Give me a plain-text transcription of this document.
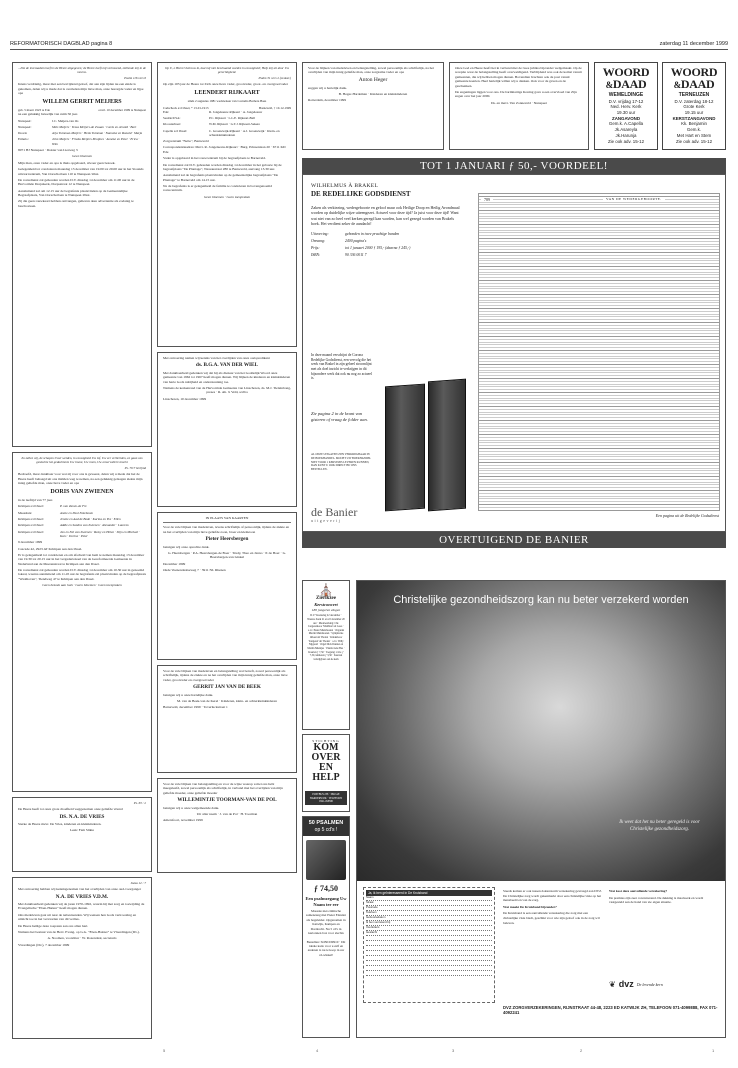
REFORMATORISCH DAGBLAD pagina 8	zaterdag 11 december 1999

...Die de levensadem heeft is de Heere uitgegeven; de Heere heeft mij verlossend, ziellende mij in de nevens.

Psalm 116 vers 6

Intens verdrietig, maar met een bevrijdend geloof, dat aan zijn lijden nu een einde is gekomen, delen wij u mede dat is overleden mijn lieve man, onze bezorgde vader en lijpe opa

WILLEM GERRIT MEIJERS
geb. 5 maart 1923 te Ede	overl. 10 december 1999 te Nunspeet

na een gelukkig huwelijk van ruim 50 jaar.

Nunspeet:	J.C. Meijers-van Os
Nunspeet:	Mels Meijers · Tessa Meijers-de Zwaan · Carla en Arnold · Bart
Doorn:	Arja Tuinman-Meijers · Henk Tuinman · Nanneke en Ronald · Marja
Ermelo:	John Meijers · Frieda Meijers-Bruijnes · Anneke en Peter · Erica · Wim

8071 HJ Nunspeet · Dokter van Lierweg 3

Geen bloemen

Mijn man, onze vader en opa is thuis opgebaard, alwaar geen bezoek.

Gelegenheid tot condoleren maandag 13 december van 19.00 tot 20.00 uur in het Stounds uitvaartcentrum, Van Oorschotlaan 110 te Nunspeet-West.

De rouwdienst zal gehouden worden D.V. dinsdag 14 december om 11.00 uur in de Hervormde Dorpskerk, Dorpsstraat 12 te Nunspeet.

Aansluitend zal om 12.15 uur de begrafenis plaatsvinden op de Gemeentelijke Begraafplaats, Van Oorschotlaan te Nunspeet-West.

Zij die geen rouwkaart hebben ontvangen, gelieven deze advertentie als zodanig te beschouwen.

Zo zullen wij, de schapen Uwer weiden, in eeuwigheid Uw lof, Uw eer verbreiden, en gaan ons geslachte het gedachtenis Uw troost, Uw roem, Uw onverwelk're kracht

Ps. 79:7 berijmd

Bedroefd, maar dankbaar voor wat zij voor ons is geweest, delen wij u mede dat het de Heere heeft behaagd uit ons midden weg te nemen, na een gelukkig gelaagen ziekte mijn innig geliefde man, onze lieve vader en opa

DORIS VAN ZWIENEN

in de leeftijd van 77 jaar.

Krimpen a/d IJssel:	P. van Zanen-de Fre
Maassluis:	Annie en Paul Noteboom
Krimpen a/d IJssel:	Jennie en Aad de Bode · Karina en Yve · Ellen
Krimpen a/d IJssel:	Addie en Sandra van Zwienen · Alexander · Laurens
Krimpen a/d IJssel:	Jan en Nel van Zwienen · Remy en Helen · Stijn en Michael · Kees · Dorine · Peter

9 december 1999

Cascade 42, 2923 AT Krimpen aan den IJssel.

Er is gelegenheid tot condoleren en om afscheid van hem te nemen maandag 13 december van 19.30 tot 20.15 uur in het vergadertokaal van de Gereformeerde Gemeente in Nederland aan de Meerenstraat te Krimpen aan den IJssel.

De rouwdienst zal gehouden worden D.V. dinsdag 14 december om 10.30 uur in genoemd lokaal, waarna aansluitend om 11.45 uur de begrafenis zal plaatsvinden op de begraafplaats "Waalhoven", Tiendweg 47 te Krimpen aan den IJssel.

Geen bezoek aan huis · Geen bloemen · Geen toespraken

Ps. 63 : 2

De Heere heeft tot onze grote droefheid weggenomen onze geliefde vriend

DS. N.A. DE VRIES

Sterke de Heere mevr. De Vries, kinderen en kleinkinderen.

Leek: Fam Slikte

Jozua 12 : 7

Met ontroering hebben wij kennisgenomen van het overlijden van onze oud-voorganger

N.A. DE VRIES V.D.M.

Met dankbaarheid gedenken wij de jaren 1970-1992, waarin hij met zorg en toewijding de Evangelische "Eben-Haëzer" heeft mogen dienen.

Ons medeleven gaat uit naar de nabestaanden. Wij wensen hen Gods vertroosting en uitzicht toe in het vervaarlen van dit verlies.

De Heere heilige deze roepaten aan ons allen hart.

Namens het bestuur van de Herv. Evang. op G.G. "Eben-Haëzer" te Vlaardingen (Dv.).

A. Noomen, voorzitter · W. Rozendaal, secretaris

Vlaardingen (Dv.), 7 december 1999

Op U, o Heere! betrouw ik, laat mij niet beschaamd worden in eeuwigheid; Help mij uit door Uw gerechtigheid.

Psalm 31 vers 2 (ovoker.)

Op zijn 103 jaar de Heere tot Zich onze lieve vader, grootvader, groot- en overgrootvader

LEENDERT RIJKAART

sinds 2 augustus 1981 weduwnaar van Cornelia Barbera Baas

Cadschock a/d IJssel, * 13-01-1913	Barneveld, † 10-12-1999
Ede:	R. Jongeleeuw-Rijkaart · A. Jongeleeuw
Seattle/USA:	P.C. Rijkaart · L.L.E. Rijkaart-Bell
Kloosterhaar:	W.M. Rijkaart · G.T.J. Rijkaart-Sekere
Capelle a/d IJssel:	C. Groenewijk-Rijkaart · A.J. Groenewijk · Klein- en achterkleinkinderen

Zorgcentrum "Nebo", Barneveld

Correspondentieadres: Mevr. R. Jongeleeuw-Rijkaart · Burg. Prinsenlaan 20 · 6711 KD Ede

Vader is opgebaard in het rouwcentrum bij de begraafplaats te Barneveld.

De rouwdienst zal D.V. gehouden worden dinsdag 14 december in het gebouw bij de begraafplaats "De Plantage", Nassaustraat 280 te Barneveld, aanvang 13.30 uur.

Aansluitend zal de begrafenis plaatsvinden op de gemeentelijke begraafplaats "De Plantage" te Barneveld om 14.15 uur.

Na de begrafenis is er gelegenheid de familie te condoleren in bovengenoemd rouwcentrum.

Geen bloemen · Geen toespraken

Met ontroering namen wij kennis van het overlijden van onze oud-predikant

ds. B.G.A. VAN DER WIEL

Met dankbaarheid gedenken wij dat hij als dienaar van het Goddelijk Woord onze gemeente van 1962 tot 1967 heeft mogen dienen. Wij blijken de kinderen en kleinkinderen van harte Gods nabijheid en ondersteuning toe.

Namens de kerkenraad van de Hervormde Gemeente van Linschoten, ds. M.J. Tieleinbong, preses · R. Ah. 'n Veld, scriba

Linschoten, 10 december 1999

IN PLAATS VAN KAARTEN

Voor de vele blijken van medeleven, tevens schriftelijk of persoonlijk, tijdens de ziekte en na het overlijden van mijn lieve geliefde zoon, broer en kleinzoon

Pieter Heersbergen

betuigen wij onze oprechte dank.

G. Heersbergen · P.A. Heersbergen-de Boer · Trudy, Theo en Janno · P. de Boer · G. Heersbergen-van Ginkel

December 1999

Oude Veenendaalseweg 7 · 3911 NL Rhenen

Voor de vele blijken van medeleven en belangstelling wat betreft, zowel persoonlijk als schriftelijk, tijdens de ziekte en na het overlijden van mijn innig geliefde man, onze lieve vader, grootvader en overgrootvader

GERRIT JAN VAN DE BEEK

betuigen wij u onze hartelijke dank.

M. van de Beek-van de Kerel · Kinderen, klein- en achterkleinkinderen

Barneveld, december 1999 · Toverluckstraat 1

Voor de vele blijken van belangstelling en voor de wijze waarop u met ons hebt meegeleefd, zowel persoonlijk als schriftelijk, in verband met het overlijden van mijn geliefde moeder, onze geliefde moeder

WILLEMINTJE TOORMAN-VAN DE POL

betuigen wij u onze welgemeende dank.

Uit aller naam · J. van de Pol · H. Toorman

Amersfoort, november 1999

Voor de blijken van medeleven en belangstelling, zowel persoonlijk als schriftelijk, na het overlijden van mijn innig geliefde man, onze zorgzame vader en opa

Anton Heger

zeggen wij u hartelijk dank.

B. Heger-Hardeman · Kinderen en kleinkinderen

Rotterdam, december 1999

Onze God en Heere heeft het in verband met de twee jubilea bijzonder welgemaakt. Op de receptie waar de belangstelling heeft overweldigend. Verblijdend was ook de komst vanuit gemeenten, die wij hebben mogen dienen. Bovendien brachten ook de post vanuit gemeente kaarten. Heel hartelijk willen wij u danken. Ook voor de gaven en de geschenken.

De zegeningen liggen voor ons. De barmhartige Koning gave u een overvloed van Zijn zegen over het jaar 2000.

Ds. en mevr. Van Zonneveld · Nunspeet

WOORD
&DAAD
WEMELDINGE
D.V. vrijdag 17-12
Ned. Herv. Kerk
19.30 uur
ZANGAVOND
Gem.k. A.Capella
Jk.Asareyla
Jk.Harunja
Zie ook adv. 15-12
WOORD
&DAAD
TERNEUZEN
D.V. zaterdag 18-12
Grote Kerk
19.15 uur
KERSTZANGAVOND
Kk. Benjamin
Gem.k.
Met Hart en Stem
Zie ook adv. 15-12
TOT 1 JANUARI ƒ 50,- VOORDEEL!
WILHELMUS À BRAKEL
DE REDELIJKE GODSDIENST

Zaken als verkiezing, wedergeboorte en geloof maar ook Heilige Doop en Heilig Avondmaal worden op duidelijke wijze uiteengezet. Actueel voor deze tijd? Ja juist voor deze tijd! Want wat niet van zo heel veel kerken geregd kan worden, kan wel gezegd worden van Brakels boek. Het verdient zeker de aandacht!

Uitvoering:	gebonden in twee prachtige banden
Omvang:	2400 pagina's
Prijs:	tot 1 januari 2000 ƒ 195,- (daarna ƒ 245,-)
ISBN:	90 336 0011 7

In deze maand verschijnt de Corona Redelijke Godsdienst, een vervolg die het werk van Brakel in zijn geheel stroomlijnt met als doel inzicht te verkrijgen in dit bijzondere werk dat ook nu nog zo actueel is.

Zie pagina 2 in de krant van gisteren of vraag de folder aan.

AL ONZE UITGAVEN ZIJN VERKRIJGBAAR IN DE BOEKHANDEL. MOCHT UW BOEKHANDEL NIET VOOR 1 KERSTMIS LEVEREN KUNNEN, DAN KUNT U OOK DIRECT BIJ ONS BESTELLEN.

de Banier
uitgeverij
789	VAN DE WEDERGEBOORTE.
Een pagina uit de Redelijke Godsdienst
OVERTUIGEND DE BANIER
⛪
Zierikzee
Kerstconcert
180 jongeren zingen

D.V. Woensdag 22 december · Nieuwe Kerk 21 en 22 december 20 uur · Medewerking: Chr. Jongerenkoor 'Matthias' uit Goes · o.l.v. Pieter Mietshoeien · Organist Martin Mietshoeien · Symphonie Orkest uit Tholen · Kinderkoor 'Zangerei' uit Tholen · o.l.v. Willy Nijgaard · Orgel Dick Dunnet en Martin Mientjes · Pianist Arie Bas · Kaarten ƒ 7,50 · Toegang: volw. ƒ 7,50, kinderen ƒ 3,50 · Kaarten verkrijgbaar aan de kerk

STICHTING
KOM OVER
EN HELP
POSTBUS 238 · 3840 AE HARDERWIJK · TELEFOON 0341-458380
50 PSALMEN
op 5 cd's !
ƒ 74,50
Een psalmzegang Uw Naam ter eer

Massale niet-ritmische samenzang met Pieter Elander als begeleider. Opgenomen in Katwijk, Kampen en Dordrecht. Nu 5 cd's in kartonnen box voor slechts

Bestellen: SONCD9910 · Dit ideale kado voor u zelf en anderen is nu te koop in uw cd-winkel!

Christelijke gezondheidszorg kan nu beter verzekerd worden
Ik weet dat het nu beter geregeld is voor Christelijke gezondheidszorg.
Ja, ik ben geïnteresseerd in De Kruisband
Naam
Straat
Postcode
Telefoon
Geboortedatum
Ik ben verzekerd bij
Voorletters
Geslacht

Steeds komen er ook tussen doktersterm verzekering gevraagd aan DVZ. De Christelijke zorg wordt gekenmerkt door een christelijke visie op het mensbeeld en van de zorg.

Wat maakt De Kruisband bijzonder?

De Kruisband is een aanvullende verzekering die zorg met een christelijke visie biedt, geschikt voor wie zijn geloof ook in de zorg wil beleven.

Wat kost deze aanvullende verzekering?

De premies zijn zeer concurrerend. De dekking is maatwerk en wordt vastgesteld aan de hand van uw eigen situatie.

❦ dvz De levende kern
DVZ ZORGVERZEKERINGEN, RIJNSTRAAT 44-48, 2223 ED KATWIJK ZH, TELEFOON 071-4099888, FAX 071-4092241
5	4	3	2	1
